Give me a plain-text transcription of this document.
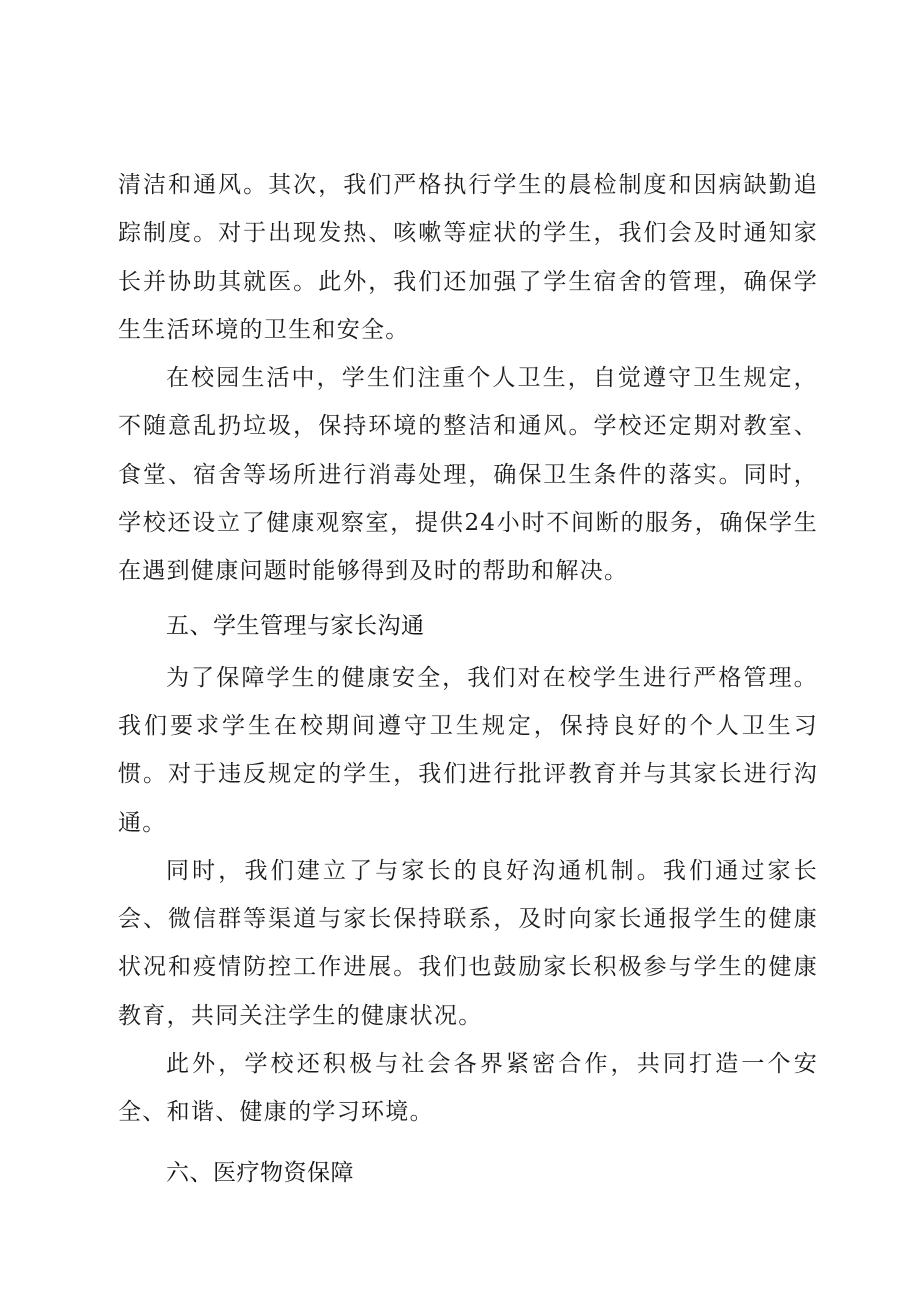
清洁和通风。其次，我们严格执行学生的晨检制度和因病缺勤追踪制度。对于出现发热、咳嗽等症状的学生，我们会及时通知家长并协助其就医。此外，我们还加强了学生宿舍的管理，确保学生生活环境的卫生和安全。

在校园生活中，学生们注重个人卫生，自觉遵守卫生规定，不随意乱扔垃圾，保持环境的整洁和通风。学校还定期对教室、食堂、宿舍等场所进行消毒处理，确保卫生条件的落实。同时，学校还设立了健康观察室，提供24小时不间断的服务，确保学生在遇到健康问题时能够得到及时的帮助和解决。

五、学生管理与家长沟通

为了保障学生的健康安全，我们对在校学生进行严格管理。我们要求学生在校期间遵守卫生规定，保持良好的个人卫生习惯。对于违反规定的学生，我们进行批评教育并与其家长进行沟通。

同时，我们建立了与家长的良好沟通机制。我们通过家长会、微信群等渠道与家长保持联系，及时向家长通报学生的健康状况和疫情防控工作进展。我们也鼓励家长积极参与学生的健康教育，共同关注学生的健康状况。

此外，学校还积极与社会各界紧密合作，共同打造一个安全、和谐、健康的学习环境。

六、医疗物资保障
